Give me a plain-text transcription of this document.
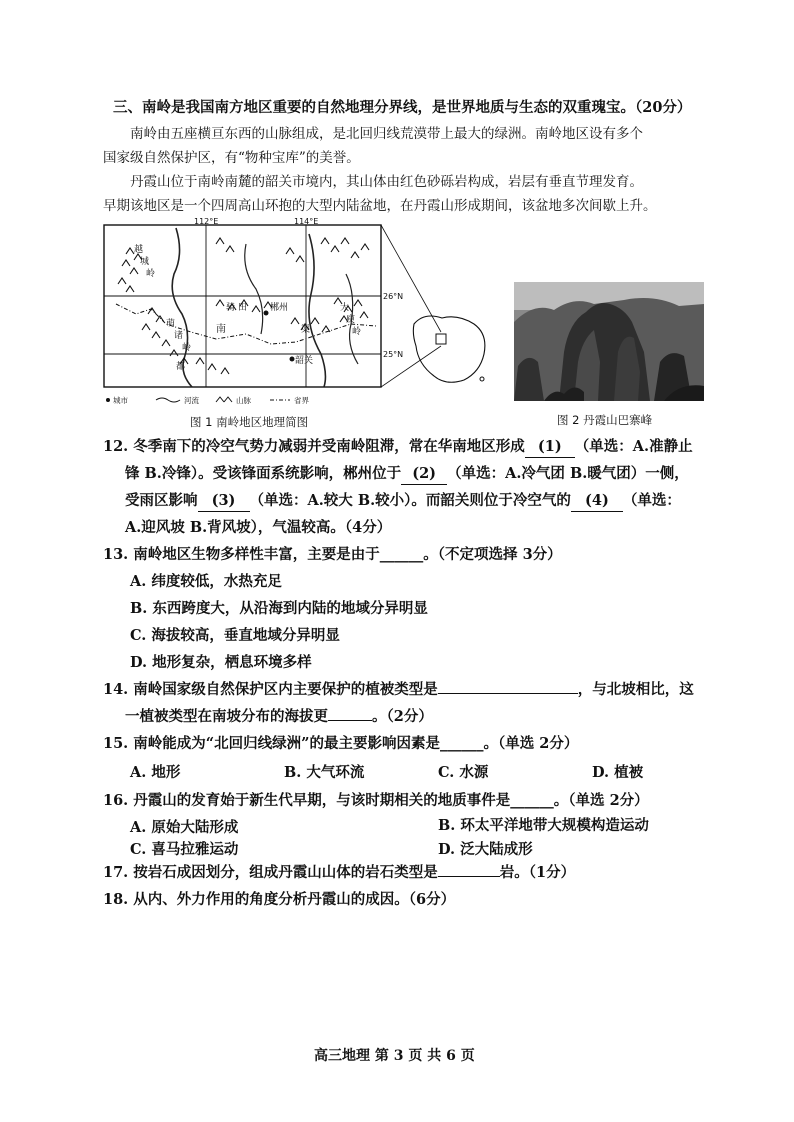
三、南岭是我国南方地区重要的自然地理分界线，是世界地质与生态的双重瑰宝。（20分）
南岭由五座横亘东西的山脉组成，是北回归线荒漠带上最大的绿洲。南岭地区设有多个
国家级自然保护区，有“物种宝库”的美誉。
丹霞山位于南岭南麓的韶关市境内，其山体由红色砂砾岩构成，岩层有垂直节理发育。
早期该地区是一个四周高山环抱的大型内陆盆地，在丹霞山形成期间，该盆地多次间歇上升。
112°E	114°E
26°N
25°N
郴州
韶关
越
城
岭
萌
诸
岭
都
骑 田
南	渠
大
庾
岭
城市	河流	山脉	省界
图 1 南岭地区地理简图	图 2 丹霞山巴寨峰
12. 冬季南下的冷空气势力减弱并受南岭阻滞，常在华南地区形成 (1) （单选：A.准静止
锋 B.冷锋）。受该锋面系统影响，郴州位于 (2) （单选：A.冷气团 B.暖气团）一侧，
受雨区影响 (3) （单选：A.较大 B.较小）。而韶关则位于冷空气的 (4) （单选：
A.迎风坡 B.背风坡），气温较高。（4分）
13. 南岭地区生物多样性丰富，主要是由于______。（不定项选择 3分）
A. 纬度较低，水热充足
B. 东西跨度大，从沿海到内陆的地域分异明显
C. 海拔较高，垂直地域分异明显
D. 地形复杂，栖息环境多样
14. 南岭国家级自然保护区内主要保护的植被类型是	，与北坡相比，这
一植被类型在南坡分布的海拔更	。（2分）
15. 南岭能成为“北回归线绿洲”的最主要影响因素是______。（单选 2分）
A. 地形	B. 大气环流	C. 水源	D. 植被
16. 丹霞山的发育始于新生代早期，与该时期相关的地质事件是______。（单选 2分）
A. 原始大陆形成	B. 环太平洋地带大规模构造运动
C. 喜马拉雅运动	D. 泛大陆成形
17. 按岩石成因划分，组成丹霞山山体的岩石类型是	岩。（1分）
18. 从内、外力作用的角度分析丹霞山的成因。（6分）
高三地理 第 3 页 共 6 页
